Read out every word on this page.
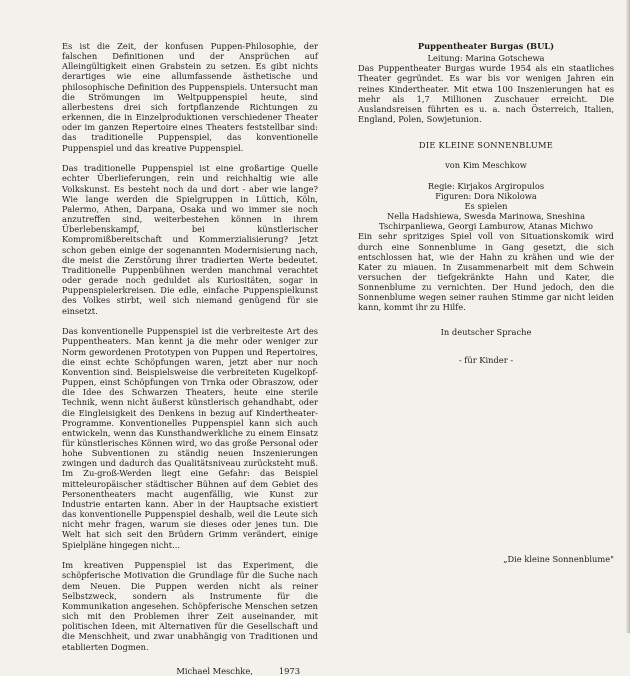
Es ist die Zeit, der konfusen Puppen-Philosophie, der falschen Definitionen und der Ansprüchen auf Alleingültigkeit einen Grabstein zu setzen. Es gibt nichts derartiges wie eine allumfassende ästhetische und philosophische Definition des Puppenspiels. Untersucht man die Strömungen im Weltpuppenspiel heute, sind allerbestens drei sich fortpflanzende Richtungen zu erkennen, die in Einzelproduktionen verschiedener Theater oder im ganzen Repertoire eines Theaters feststellbar sind: das traditionelle Puppenspiel, das konventionelle Puppenspiel und das kreative Puppenspiel.

Das traditionelle Puppenspiel ist eine großartige Quelle echter Überlieferungen, rein und reichhaltig wie alle Volkskunst. Es besteht noch da und dort - aber wie lange? Wie lange werden die Spielgruppen in Lüttich, Köln, Palermo, Athen, Darpana, Osaka und wo immer sie noch anzutreffen sind, weiterbestehen können in ihrem Überlebenskampf, bei künstlerischer Kompromißbereitschaft und Kommerzialisierung? Jetzt schon geben einige der sogenannten Modernisierung nach, die meist die Zerstörung ihrer tradierten Werte bedeutet. Traditionelle Puppenbühnen werden manchmal verachtet oder gerade noch geduldet als Kuriositäten, sogar in Puppenspielerkreisen. Die edle, einfache Puppenspielkunst des Volkes stirbt, weil sich niemand genügend für sie einsetzt.

Das konventionelle Puppenspiel ist die verbreiteste Art des Puppentheaters. Man kennt ja die mehr oder weniger zur Norm gewordenen Prototypen von Puppen und Repertoires, die einst echte Schöpfungen waren, jetzt aber nur noch Konvention sind. Beispielsweise die verbreiteten Kugelkopf-Puppen, einst Schöpfungen von Trnka oder Obraszow, oder die Idee des Schwarzen Theaters, heute eine sterile Technik, wenn nicht äußerst künstlerisch gehandhabt, oder die Eingleisigkeit des Denkens in bezug auf Kindertheater-Programme. Konventionelles Puppenspiel kann sich auch entwickeln, wenn das Kunsthandwerkliche zu einem Einsatz für künstlerisches Können wird, wo das große Personal oder hohe Subventionen zu ständig neuen Inszenierungen zwingen und dadurch das Qualitätsniveau zurücksteht muß. Im Zu-groß-Werden liegt eine Gefahr: das Beispiel mitteleuropäischer städtischer Bühnen auf dem Gebiet des Personentheaters macht augenfällig, wie Kunst zur Industrie entarten kann. Aber in der Hauptsache existiert das konventionelle Puppenspiel deshalb, weil die Leute sich nicht mehr fragen, warum sie dieses oder jenes tun. Die Welt hat sich seit den Brüdern Grimm verändert, einige Spielpläne hingegen nicht...

Im kreativen Puppenspiel ist das Experiment, die schöpferische Motivation die Grundlage für die Suche nach dem Neuen. Die Puppen werden nicht als reiner Selbstzweck, sondern als Instrumente für die Kommunikation angesehen. Schöpferische Menschen setzen sich mit den Problemen ihrer Zeit auseinander, mit politischen Ideen, mit Alternativen für die Gesellschaft und die Menschheit, und zwar unabhängig von Traditionen und etablierten Dogmen.

Michael Meschke,	1973
Puppentheater Burgas (BUL)
Leitung: Marina Gotschewa

Das Puppentheater Burgas wurde 1954 als ein staatliches Theater gegründet. Es war bis vor wenigen Jahren ein reines Kindertheater. Mit etwa 100 Inszenierungen hat es mehr als 1,7 Millionen Zuschauer erreicht. Die Auslandsreisen führten es u. a. nach Österreich, Italien, England, Polen, Sowjetunion.

DIE KLEINE SONNENBLUME
von Kim Meschkow
Regie: Kirjakos Argiropulos
Figuren: Dora Nikolowa
Es spielen
Nella Hadshiewa, Swesda Marinowa, Sneshina
Tschirpanliewa, Georgi Lamburow, Atanas Michwo

Ein sehr spritziges Spiel voll von Situationskomik wird durch eine Sonnenblume in Gang gesetzt, die sich entschlossen hat, wie der Hahn zu krähen und wie der Kater zu miauen. In Zusammenarbeit mit dem Schwein versuchen der tiefgekränkte Hahn und Kater, die Sonnenblume zu vernichten. Der Hund jedoch, den die Sonnenblume wegen seiner rauhen Stimme gar nicht leiden kann, kommt ihr zu Hilfe.

In deutscher Sprache
- für Kinder -
„Die kleine Sonnenblume"
